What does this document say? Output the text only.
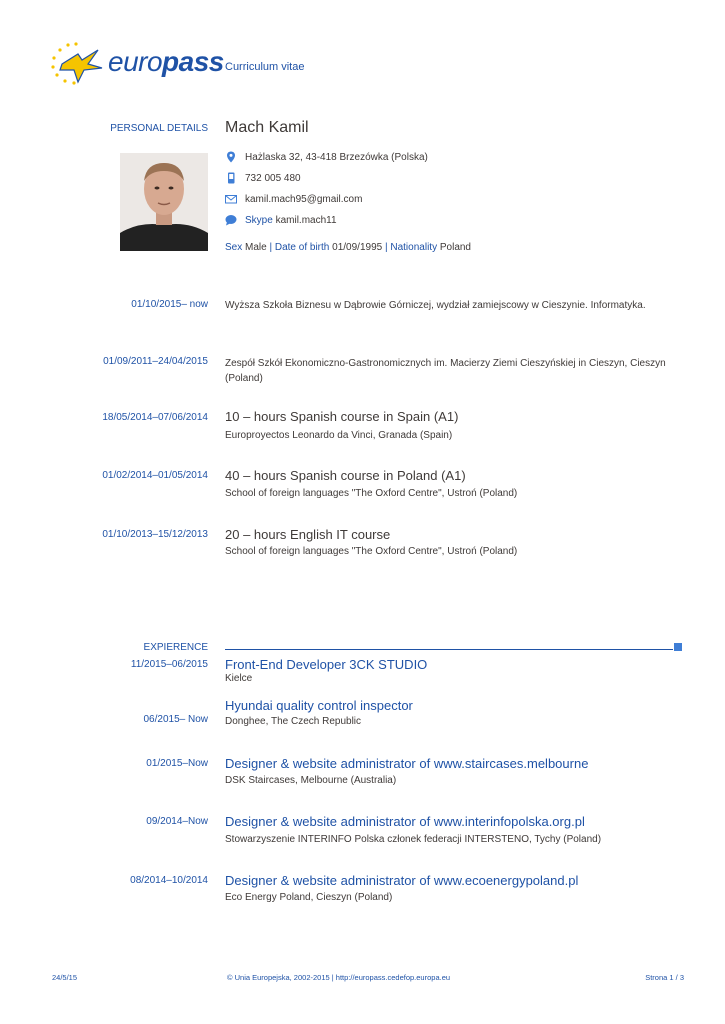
europass Curriculum vitae
PERSONAL DETAILS Mach Kamil
Hażlaska 32, 43-418 Brzezówka (Polska)
732 005 480
kamil.mach95@gmail.com
Skype kamil.mach11
Sex Male | Date of birth 01/09/1995 | Nationality Poland
01/10/2015– now Wyższa Szkoła Biznesu w Dąbrowie Górniczej, wydział zamiejscowy w Cieszynie. Informatyka.
01/09/2011–24/04/2015 Zespół Szkół Ekonomiczno-Gastronomicznych im. Macierzy Ziemi Cieszyńskiej in Cieszyn, Cieszyn (Poland)
18/05/2014–07/06/2014 10 – hours Spanish course in Spain (A1)
Europroyectos Leonardo da Vinci, Granada (Spain)
01/02/2014–01/05/2014 40 – hours Spanish course in Poland (A1)
School of foreign languages "The Oxford Centre", Ustroń (Poland)
01/10/2013–15/12/2013 20 – hours English IT course
School of foreign languages "The Oxford Centre", Ustroń (Poland)
EXPIERENCE
11/2015–06/2015 Front-End Developer 3CK STUDIO
Kielce
Hyundai quality control inspector
06/2015– Now Donghee, The Czech Republic
01/2015–Now Designer & website administrator of www.staircases.melbourne
DSK Staircases, Melbourne (Australia)
09/2014–Now Designer & website administrator of www.interinfopolska.org.pl
Stowarzyszenie INTERINFO Polska członek federacji INTERSTENO, Tychy (Poland)
08/2014–10/2014 Designer & website administrator of www.ecoenergypoland.pl
Eco Energy Poland, Cieszyn (Poland)
24/5/15	© Unia Europejska, 2002-2015 | http://europass.cedefop.europa.eu	Strona 1 / 3
